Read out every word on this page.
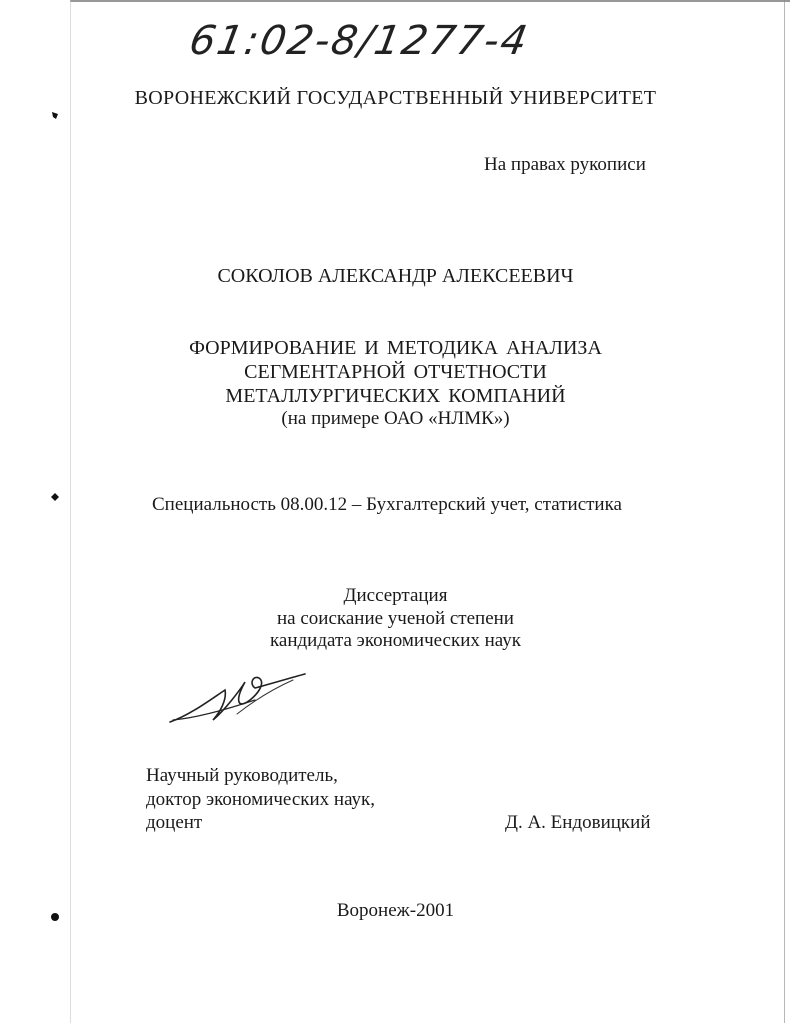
61:02-8/1277-4
ВОРОНЕЖСКИЙ ГОСУДАРСТВЕННЫЙ УНИВЕРСИТЕТ
На правах рукописи
СОКОЛОВ АЛЕКСАНДР АЛЕКСЕЕВИЧ
ФОРМИРОВАНИЕ И МЕТОДИКА АНАЛИЗА
СЕГМЕНТАРНОЙ ОТЧЕТНОСТИ
МЕТАЛЛУРГИЧЕСКИХ КОМПАНИЙ
(на примере ОАО «НЛМК»)
Специальность 08.00.12 – Бухгалтерский учет, статистика
Диссертация
на соискание ученой степени
кандидата экономических наук
Научный руководитель,
доктор экономических наук,
доцент	Д. А. Ендовицкий
Воронеж-2001
